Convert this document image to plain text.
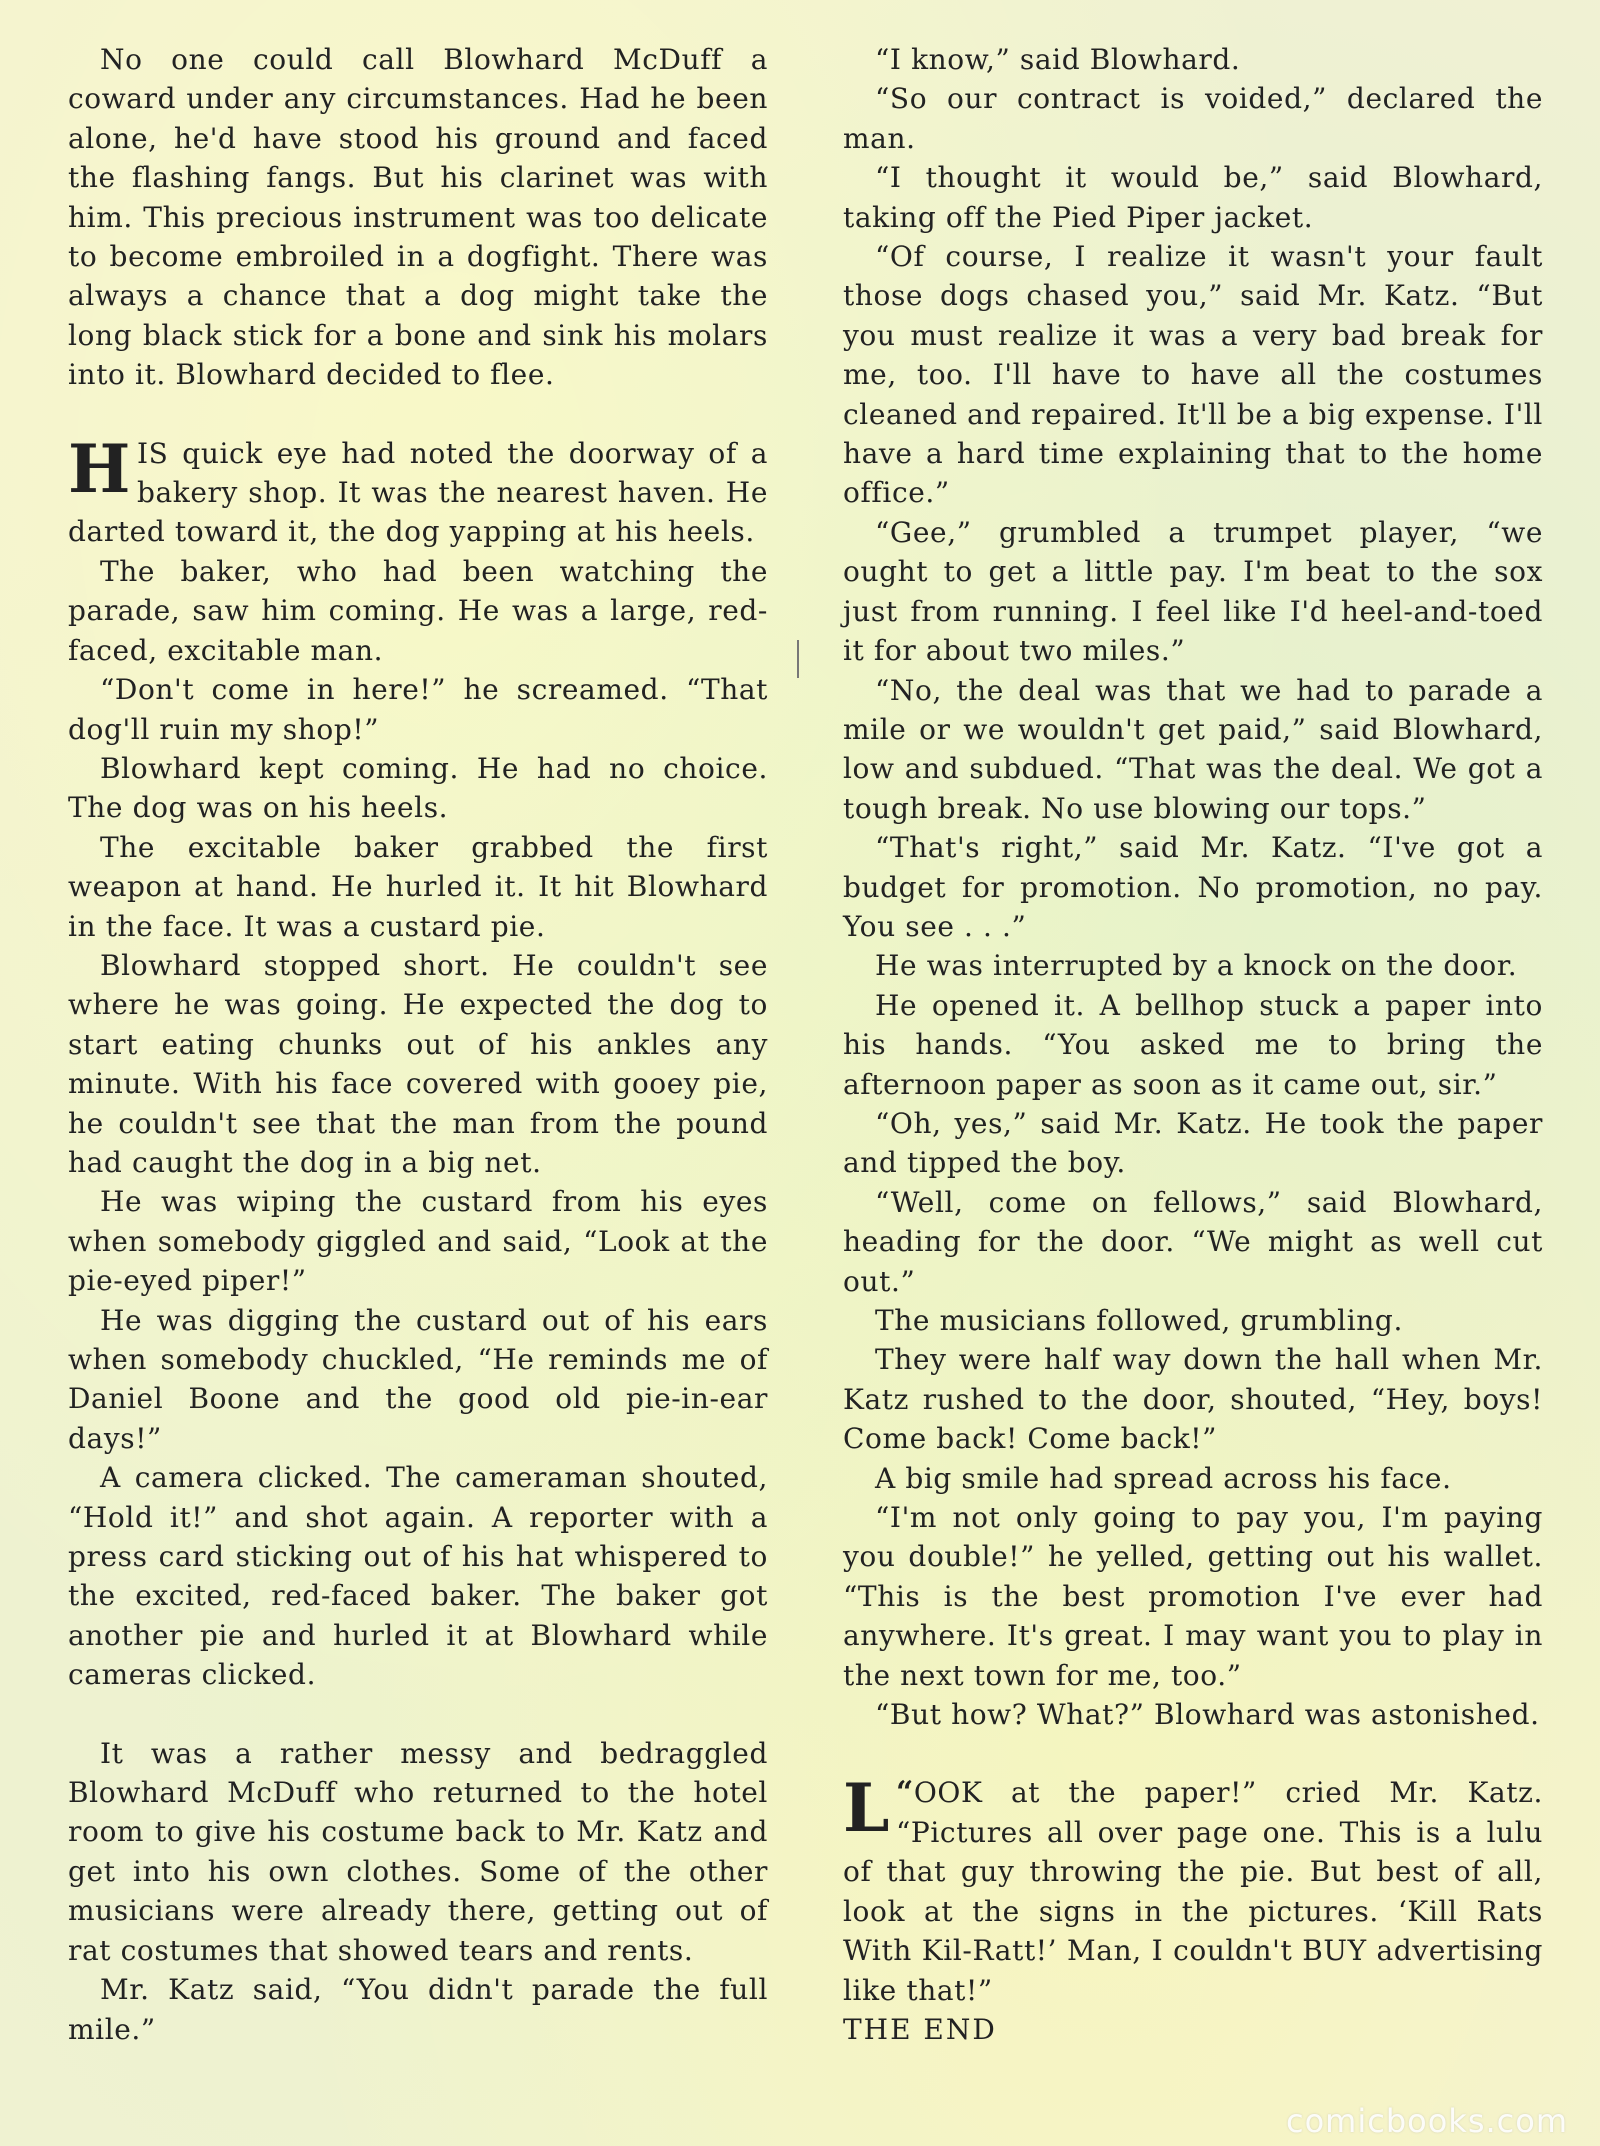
No one could call Blowhard McDuff a coward under any circumstances. Had he been alone, he'd have stood his ground and faced the flashing fangs. But his clarinet was with him. This precious instrument was too delicate to become embroiled in a dogfight. There was always a chance that a dog might take the long black stick for a bone and sink his molars into it. Blowhard decided to flee.

HIS quick eye had noted the doorway of a bakery shop. It was the nearest haven. He darted toward it, the dog yapping at his heels.

The baker, who had been watching the parade, saw him coming. He was a large, red-faced, excitable man.

“Don't come in here!” he screamed. “That dog'll ruin my shop!”

Blowhard kept coming. He had no choice. The dog was on his heels.

The excitable baker grabbed the first weapon at hand. He hurled it. It hit Blowhard in the face. It was a custard pie.

Blowhard stopped short. He couldn't see where he was going. He expected the dog to start eating chunks out of his ankles any minute. With his face covered with gooey pie, he couldn't see that the man from the pound had caught the dog in a big net.

He was wiping the custard from his eyes when somebody giggled and said, “Look at the pie-eyed piper!”

He was digging the custard out of his ears when somebody chuckled, “He reminds me of Daniel Boone and the good old pie-in-ear days!”

A camera clicked. The cameraman shouted, “Hold it!” and shot again. A reporter with a press card sticking out of his hat whispered to the excited, red-faced baker. The baker got another pie and hurled it at Blowhard while cameras clicked.

It was a rather messy and bedraggled Blowhard McDuff who returned to the hotel room to give his costume back to Mr. Katz and get into his own clothes. Some of the other musicians were already there, getting out of rat costumes that showed tears and rents.

Mr. Katz said, “You didn't parade the full mile.”

“I know,” said Blowhard.

“So our contract is voided,” declared the man.

“I thought it would be,” said Blowhard, taking off the Pied Piper jacket.

“Of course, I realize it wasn't your fault those dogs chased you,” said Mr. Katz. “But you must realize it was a very bad break for me, too. I'll have to have all the costumes cleaned and repaired. It'll be a big expense. I'll have a hard time explaining that to the home office.”

“Gee,” grumbled a trumpet player, “we ought to get a little pay. I'm beat to the sox just from running. I feel like I'd heel-and-toed it for about two miles.”

“No, the deal was that we had to parade a mile or we wouldn't get paid,” said Blowhard, low and subdued. “That was the deal. We got a tough break. No use blowing our tops.”

“That's right,” said Mr. Katz. “I've got a budget for promotion. No promotion, no pay. You see . . .”

He was interrupted by a knock on the door.

He opened it. A bellhop stuck a paper into his hands. “You asked me to bring the afternoon paper as soon as it came out, sir.”

“Oh, yes,” said Mr. Katz. He took the paper and tipped the boy.

“Well, come on fellows,” said Blowhard, heading for the door. “We might as well cut out.”

The musicians followed, grumbling.

They were half way down the hall when Mr. Katz rushed to the door, shouted, “Hey, boys! Come back! Come back!”

A big smile had spread across his face.

“I'm not only going to pay you, I'm paying you double!” he yelled, getting out his wallet. “This is the best promotion I've ever had anywhere. It's great. I may want you to play in the next town for me, too.”

“But how? What?” Blowhard was astonished.

“
L OOK at the paper!” cried Mr. Katz. “Pictures all over page one. This is a lulu of that guy throwing the pie. But best of all, look at the signs in the pictures. ‘Kill Rats With Kil-Ratt!’ Man, I couldn't BUY advertising like that!”

THE END

comicbooks.com
